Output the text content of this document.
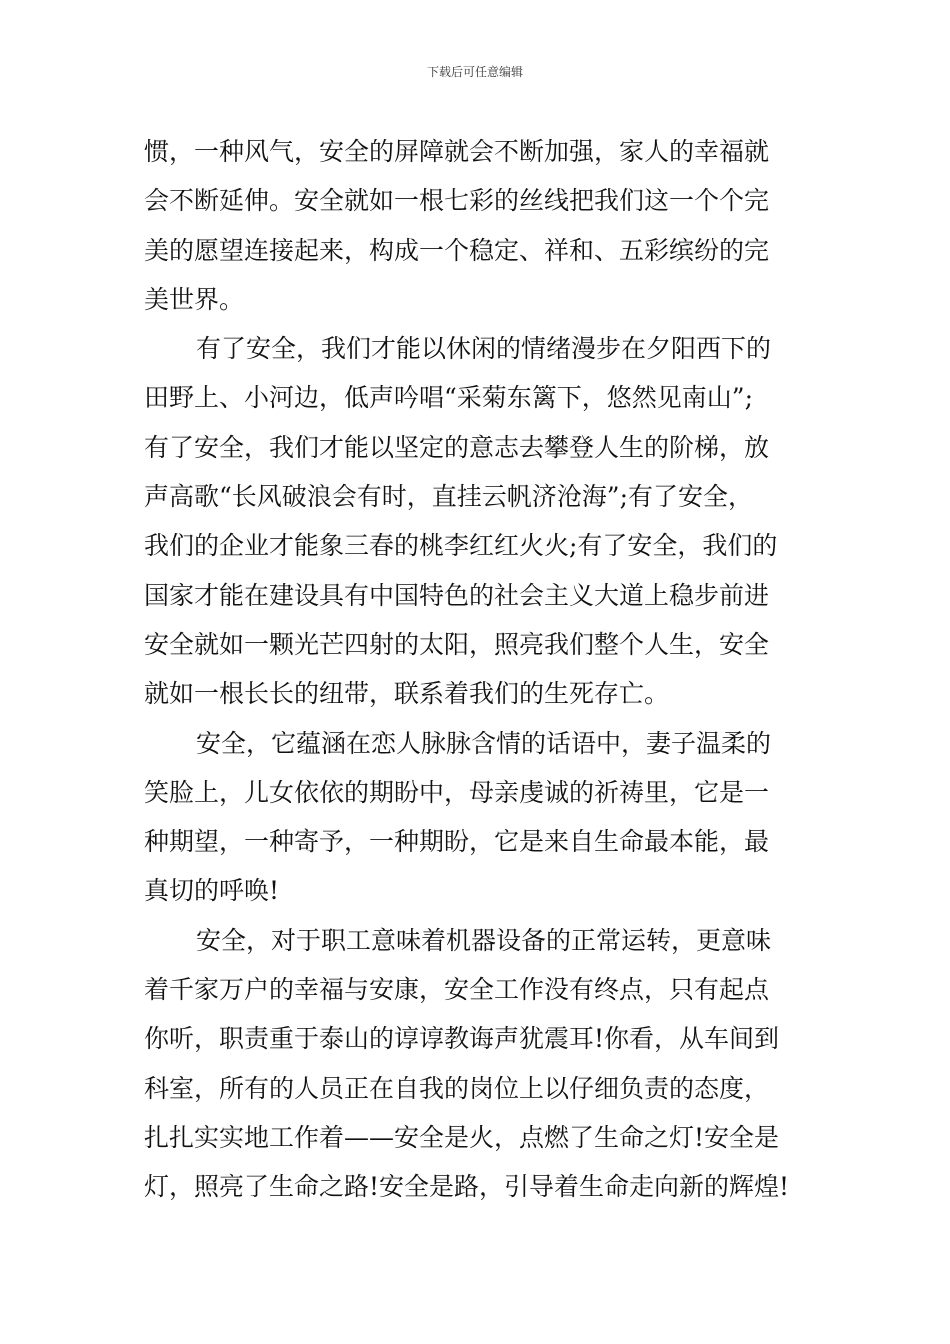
下载后可任意编辑
惯，一种风气，安全的屏障就会不断加强，家人的幸福就
会不断延伸。安全就如一根七彩的丝线把我们这一个个完
美的愿望连接起来，构成一个稳定、祥和、五彩缤纷的完
美世界。
有了安全，我们才能以休闲的情绪漫步在夕阳西下的
田野上、小河边，低声吟唱“采菊东篱下，悠然见南山”;
有了安全，我们才能以坚定的意志去攀登人生的阶梯，放
声高歌“长风破浪会有时，直挂云帆济沧海”;有了安全，
我们的企业才能象三春的桃李红红火火;有了安全，我们的
国家才能在建设具有中国特色的社会主义大道上稳步前进
安全就如一颗光芒四射的太阳，照亮我们整个人生，安全
就如一根长长的纽带，联系着我们的生死存亡。
安全，它蕴涵在恋人脉脉含情的话语中，妻子温柔的
笑脸上，儿女依依的期盼中，母亲虔诚的祈祷里，它是一
种期望，一种寄予，一种期盼，它是来自生命最本能，最
真切的呼唤!
安全，对于职工意味着机器设备的正常运转，更意味
着千家万户的幸福与安康，安全工作没有终点，只有起点
你听，职责重于泰山的谆谆教诲声犹震耳!你看，从车间到
科室，所有的人员正在自我的岗位上以仔细负责的态度，
扎扎实实地工作着——安全是火，点燃了生命之灯!安全是
灯，照亮了生命之路!安全是路，引导着生命走向新的辉煌!
